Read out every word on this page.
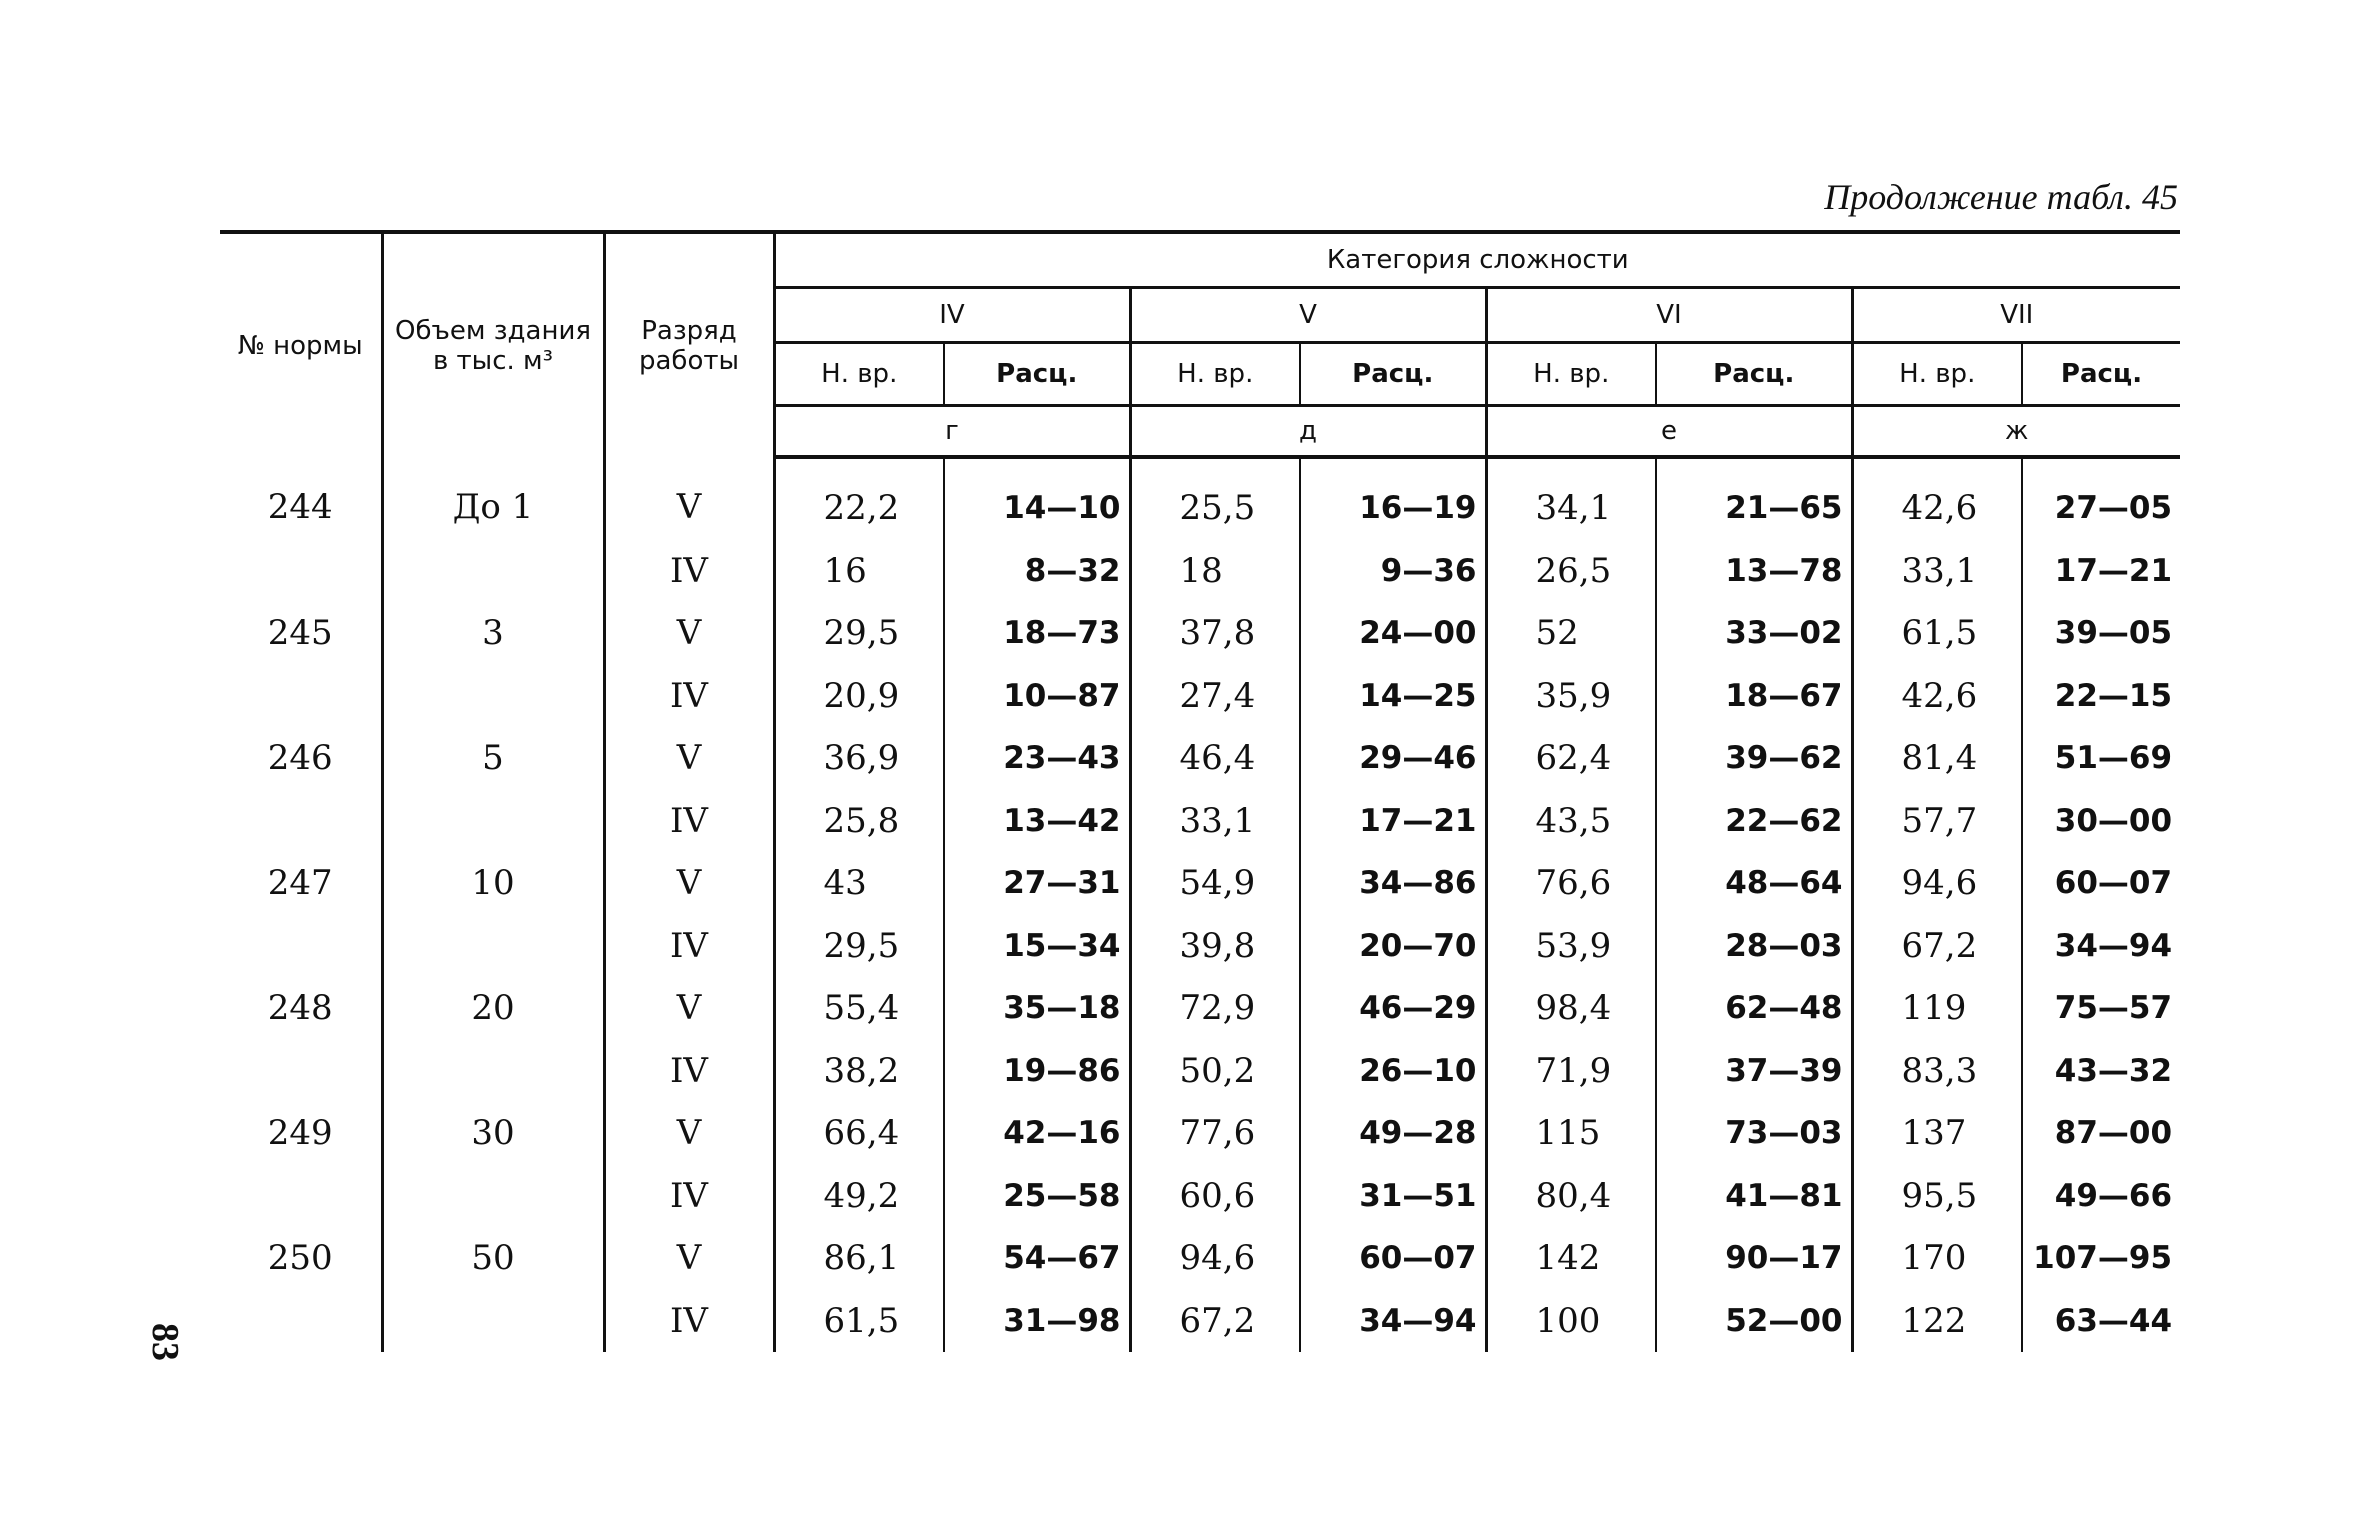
Продолжение табл. 45
83
№ нормы	Объем здания в тыс. м³	Разряд работы	Категория сложности							
			IV		V		VI		VII	
			Н. вр.	Расц.	Н. вр.	Расц.	Н. вр.	Расц.	Н. вр.	Расц.
			г		д		е		ж	
244	До 1	V	22,2	14—10	25,5	16—19	34,1	21—65	42,6	27—05
		IV	16	8—32	18	9—36	26,5	13—78	33,1	17—21
245	3	V	29,5	18—73	37,8	24—00	52	33—02	61,5	39—05
		IV	20,9	10—87	27,4	14—25	35,9	18—67	42,6	22—15
246	5	V	36,9	23—43	46,4	29—46	62,4	39—62	81,4	51—69
		IV	25,8	13—42	33,1	17—21	43,5	22—62	57,7	30—00
247	10	V	43	27—31	54,9	34—86	76,6	48—64	94,6	60—07
		IV	29,5	15—34	39,8	20—70	53,9	28—03	67,2	34—94
248	20	V	55,4	35—18	72,9	46—29	98,4	62—48	119	75—57
		IV	38,2	19—86	50,2	26—10	71,9	37—39	83,3	43—32
249	30	V	66,4	42—16	77,6	49—28	115	73—03	137	87—00
		IV	49,2	25—58	60,6	31—51	80,4	41—81	95,5	49—66
250	50	V	86,1	54—67	94,6	60—07	142	90—17	170	107—95
		IV	61,5	31—98	67,2	34—94	100	52—00	122	63—44
